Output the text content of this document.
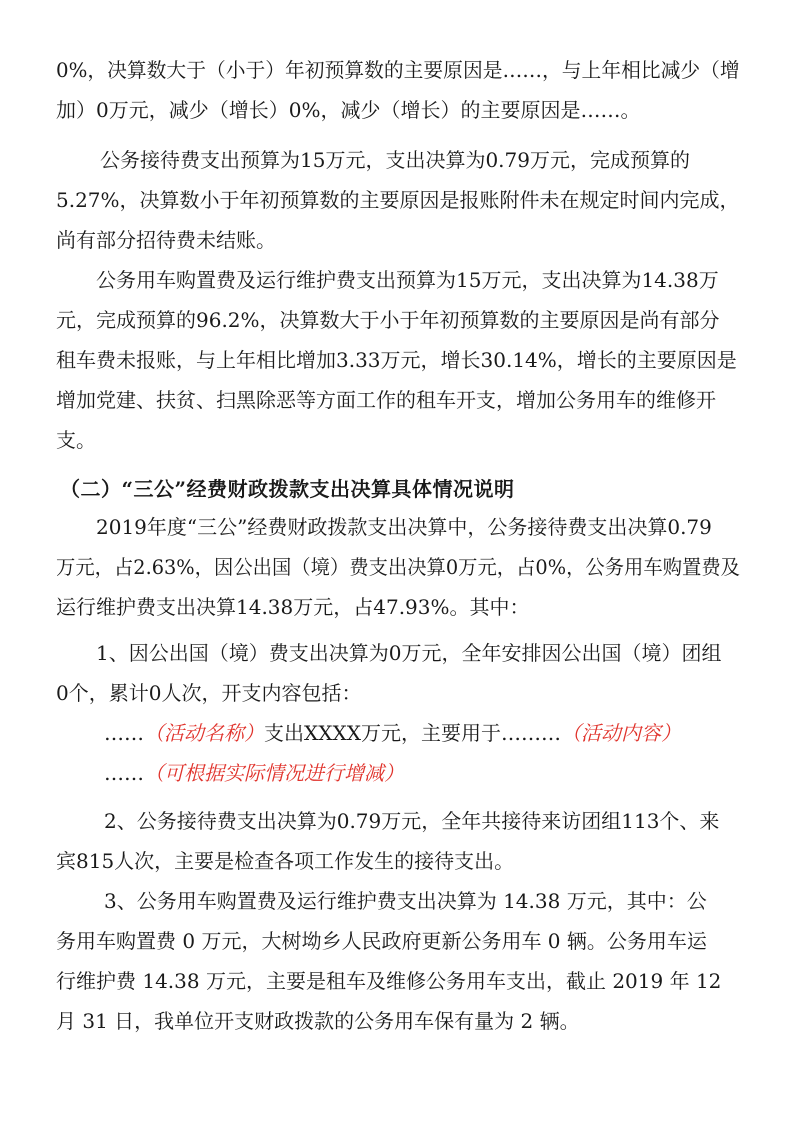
0%，决算数大于（小于）年初预算数的主要原因是……，与上年相比减少（增
加）0万元，减少（增长）0%，减少（增长）的主要原因是……。
公务接待费支出预算为15万元，支出决算为0.79万元，完成预算的
5.27%，决算数小于年初预算数的主要原因是报账附件未在规定时间内完成，
尚有部分招待费未结账。
公务用车购置费及运行维护费支出预算为15万元，支出决算为14.38万
元，完成预算的96.2%，决算数大于小于年初预算数的主要原因是尚有部分
租车费未报账，与上年相比增加3.33万元，增长30.14%，增长的主要原因是
增加党建、扶贫、扫黑除恶等方面工作的租车开支，增加公务用车的维修开
支。
（二）“三公”经费财政拨款支出决算具体情况说明
2019年度“三公”经费财政拨款支出决算中，公务接待费支出决算0.79
万元，占2.63%，因公出国（境）费支出决算0万元，占0%，公务用车购置费及
运行维护费支出决算14.38万元，占47.93%。其中：
1、因公出国（境）费支出决算为0万元，全年安排因公出国（境）团组
0个，累计0人次，开支内容包括：
……（活动名称）支出XXXX万元，主要用于………（活动内容）
……（可根据实际情况进行增减）
2、公务接待费支出决算为0.79万元，全年共接待来访团组113个、来
宾815人次，主要是检查各项工作发生的接待支出。
3、公务用车购置费及运行维护费支出决算为 14.38 万元，其中：公
务用车购置费 0 万元，大树坳乡人民政府更新公务用车 0 辆。公务用车运
行维护费 14.38 万元，主要是租车及维修公务用车支出，截止 2019 年 12
月 31 日，我单位开支财政拨款的公务用车保有量为 2 辆。
